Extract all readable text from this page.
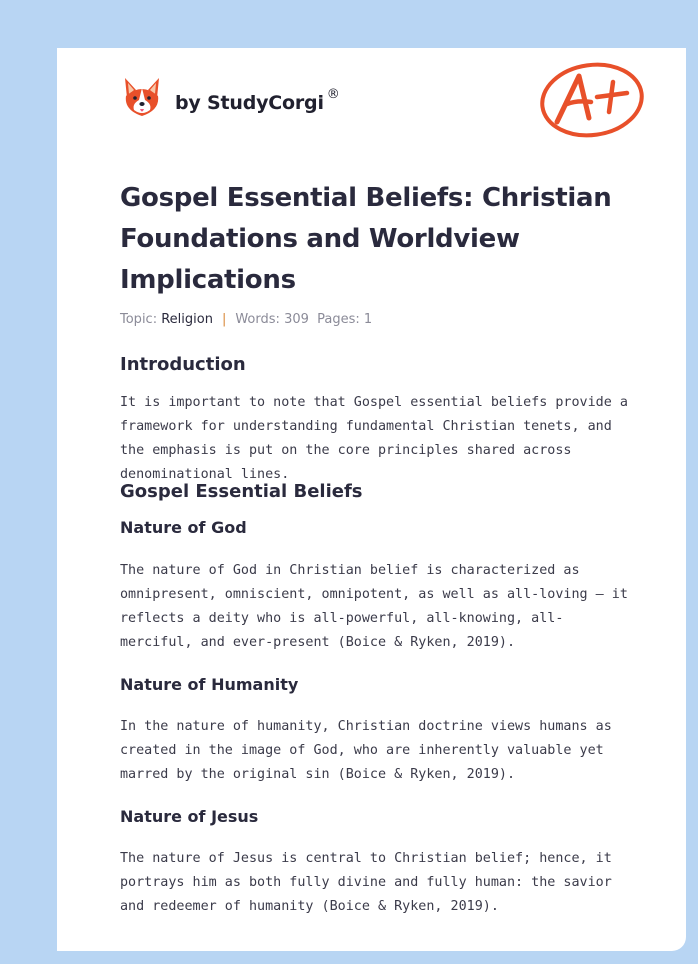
by StudyCorgi ®
Gospel Essential Beliefs: Christian Foundations and Worldview Implications
Topic: Religion | Words: 309 Pages: 1
Introduction

It is important to note that Gospel essential beliefs provide a framework for understanding fundamental Christian tenets, and the emphasis is put on the core principles shared across denominational lines.

Gospel Essential Beliefs
Nature of God

The nature of God in Christian belief is characterized as omnipresent, omniscient, omnipotent, as well as all-loving – it reflects a deity who is all-powerful, all-knowing, all-merciful, and ever-present (Boice & Ryken, 2019).

Nature of Humanity

In the nature of humanity, Christian doctrine views humans as created in the image of God, who are inherently valuable yet marred by the original sin (Boice & Ryken, 2019).

Nature of Jesus

The nature of Jesus is central to Christian belief; hence, it portrays him as both fully divine and fully human: the savior and redeemer of humanity (Boice & Ryken, 2019).
